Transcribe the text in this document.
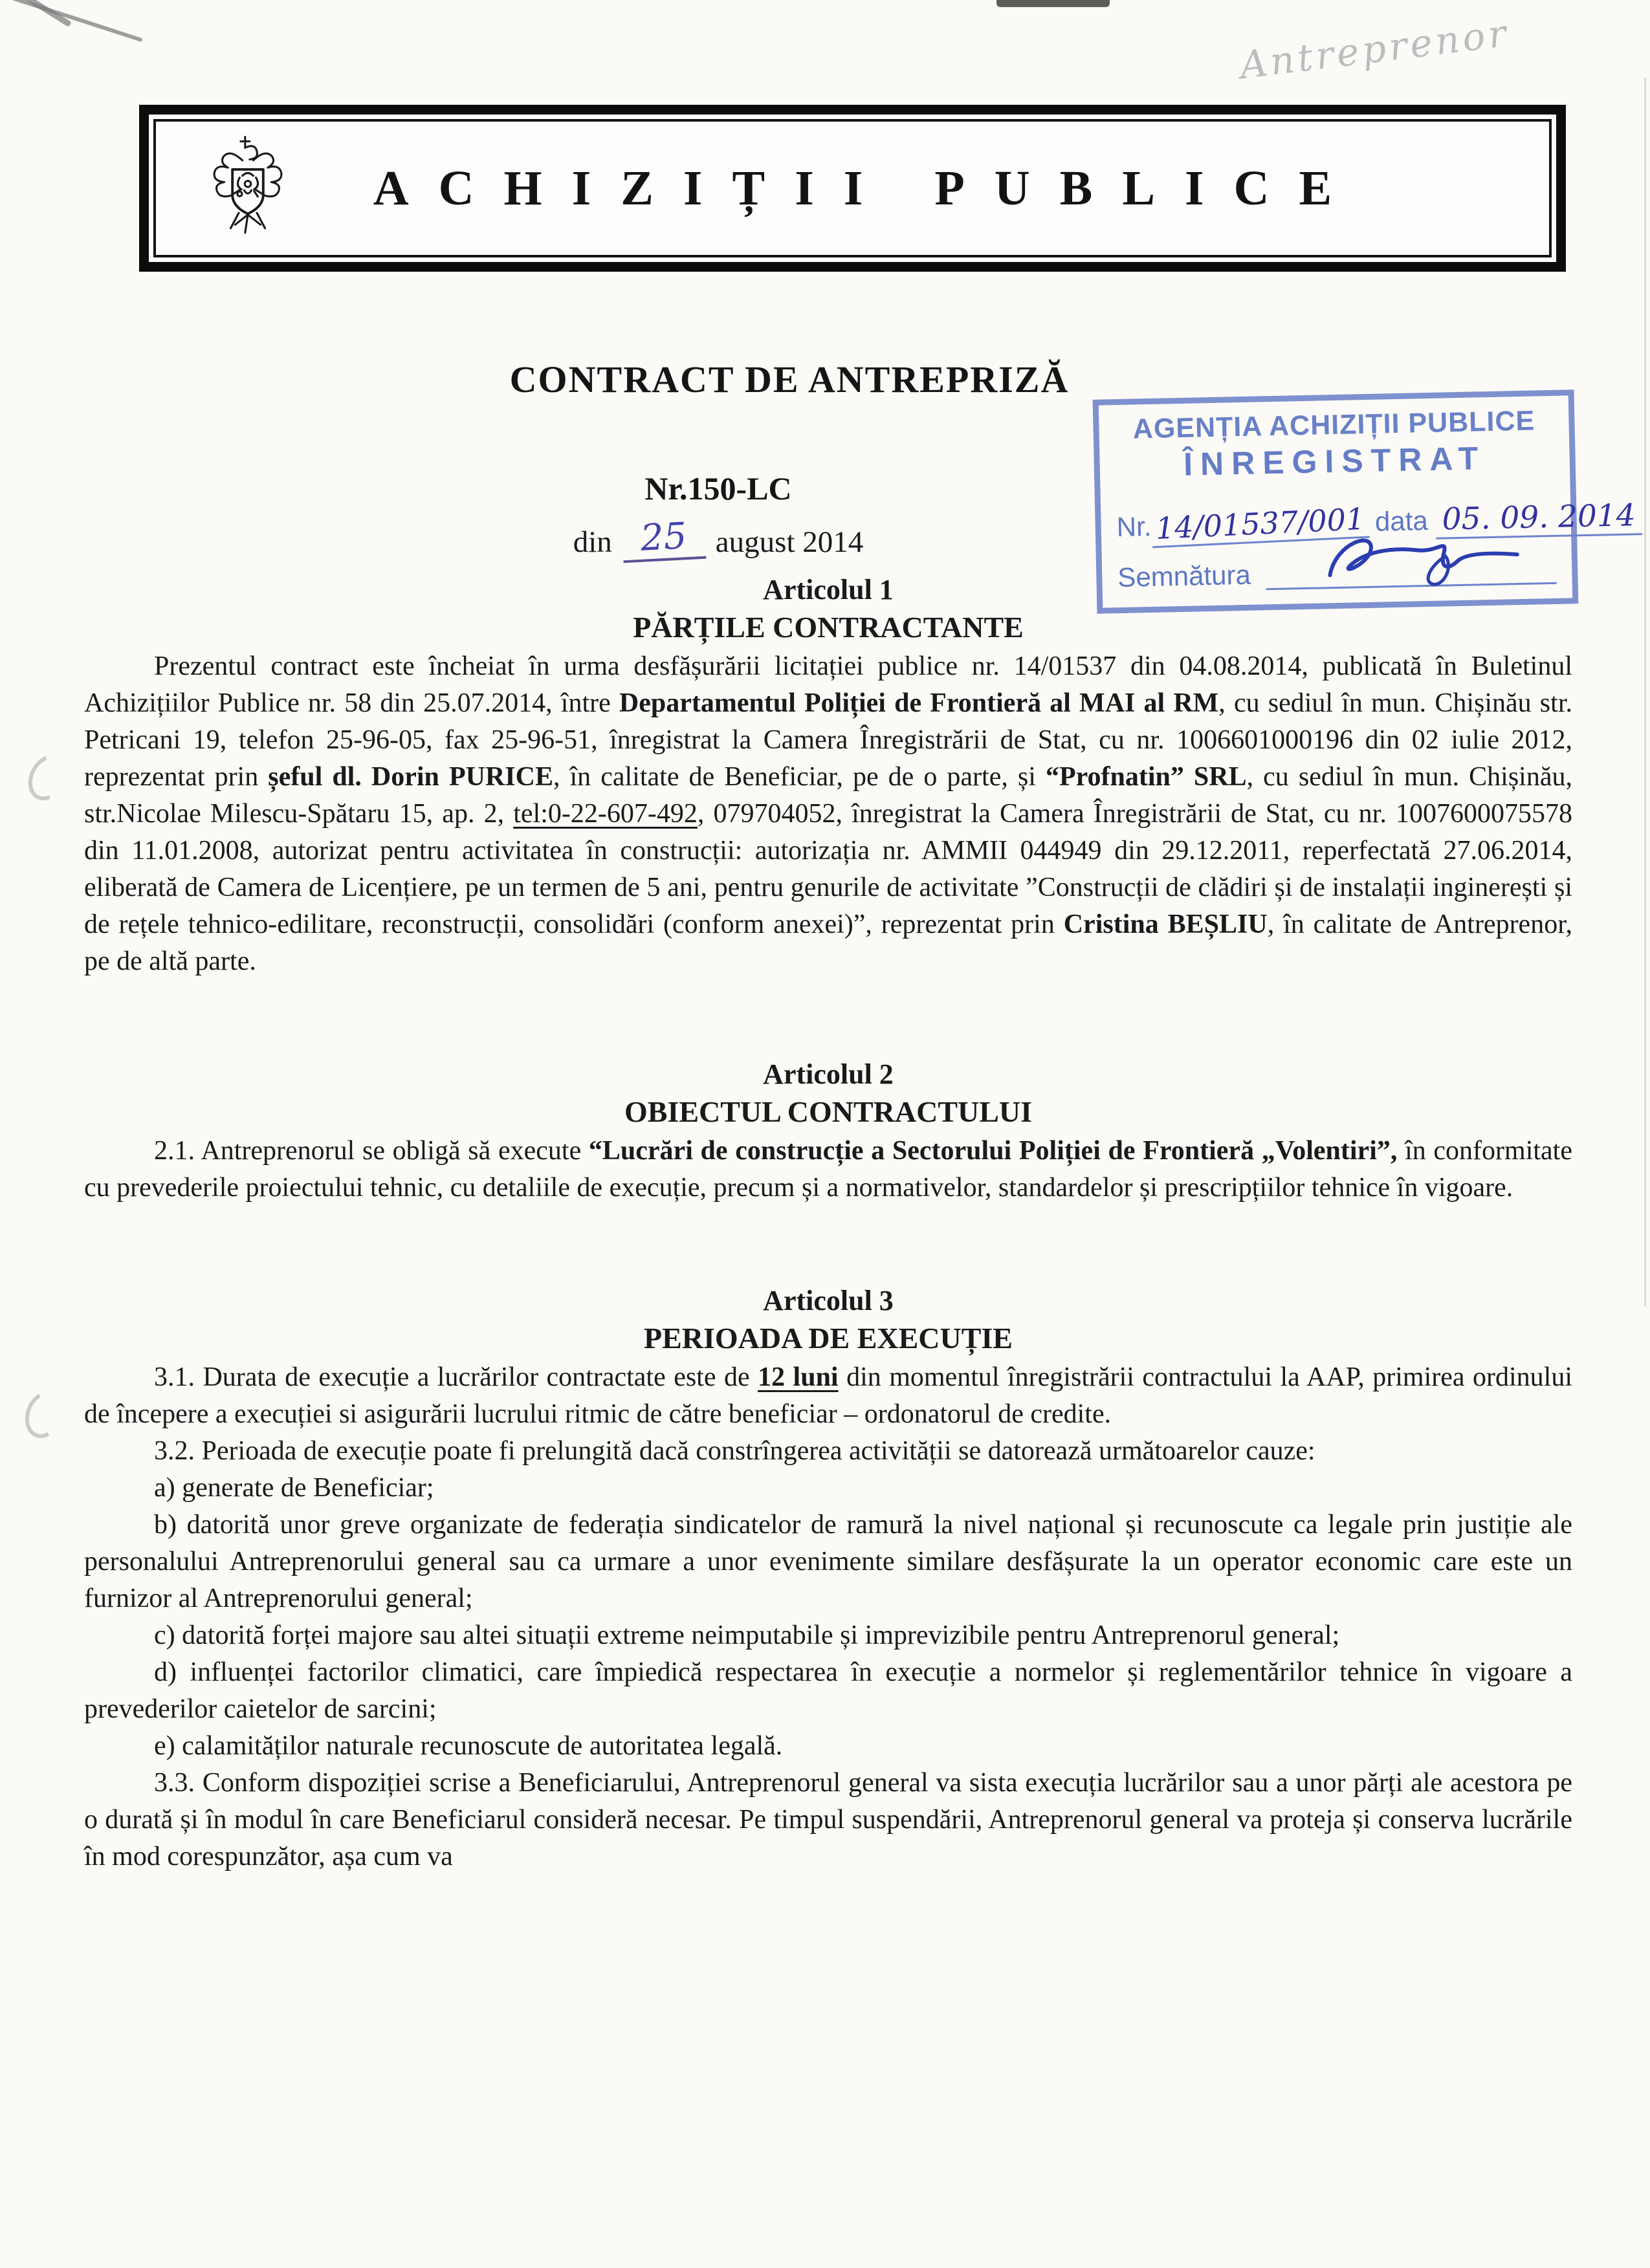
Antreprenor
ACHIZIȚII PUBLICE
CONTRACT DE ANTREPRIZĂ
Nr.150-LC
din 25 august 2014
AGENȚIA ACHIZIȚII PUBLICE
ÎNREGISTRAT
Nr. 14/01537/001 data 05. 09. 2014
Semnătura
Articolul 1
PĂRȚILE CONTRACTANTE

Prezentul contract este încheiat în urma desfășurării licitației publice nr. 14/01537 din 04.08.2014, publicată în Buletinul Achizițiilor Publice nr. 58 din 25.07.2014, între Departamentul Poliției de Frontieră al MAI al RM, cu sediul în mun. Chișinău str. Petricani 19, telefon 25-96-05, fax 25-96-51, înregistrat la Camera Înregistrării de Stat, cu nr. 1006601000196 din 02 iulie 2012, reprezentat prin șeful dl. Dorin PURICE, în calitate de Beneficiar, pe de o parte, și “Profnatin” SRL, cu sediul în mun. Chișinău, str.Nicolae Milescu-Spătaru 15, ap. 2, tel:0-22-607-492, 079704052, înregistrat la Camera Înregistrării de Stat, cu nr. 1007600075578 din 11.01.2008, autorizat pentru activitatea în construcții: autorizația nr. AMMII 044949 din 29.12.2011, reperfectată 27.06.2014, eliberată de Camera de Licențiere, pe un termen de 5 ani, pentru genurile de activitate ”Construcții de clădiri și de instalații inginerești și de rețele tehnico-edilitare, reconstrucții, consolidări (conform anexei)”, reprezentat prin Cristina BEȘLIU, în calitate de Antreprenor, pe de altă parte.

Articolul 2
OBIECTUL CONTRACTULUI

2.1. Antreprenorul se obligă să execute “Lucrări de construcție a Sectorului Poliției de Frontieră „Volentiri”, în conformitate cu prevederile proiectului tehnic, cu detaliile de execuție, precum și a normativelor, standardelor și prescripțiilor tehnice în vigoare.

Articolul 3
PERIOADA DE EXECUȚIE

3.1. Durata de execuție a lucrărilor contractate este de 12 luni din momentul înregistrării contractului la AAP, primirea ordinului de începere a execuției si asigurării lucrului ritmic de către beneficiar – ordonatorul de credite.

3.2. Perioada de execuție poate fi prelungită dacă constrîngerea activității se datorează următoarelor cauze:

a) generate de Beneficiar;

b) datorită unor greve organizate de federația sindicatelor de ramură la nivel național și recunoscute ca legale prin justiție ale personalului Antreprenorului general sau ca urmare a unor evenimente similare desfășurate la un operator economic care este un furnizor al Antreprenorului general;

c) datorită forței majore sau altei situații extreme neimputabile și imprevizibile pentru Antreprenorul general;

d) influenței factorilor climatici, care împiedică respectarea în execuție a normelor și reglementărilor tehnice în vigoare a prevederilor caietelor de sarcini;

e) calamităților naturale recunoscute de autoritatea legală.

3.3. Conform dispoziției scrise a Beneficiarului, Antreprenorul general va sista execuția lucrărilor sau a unor părți ale acestora pe o durată și în modul în care Beneficiarul consideră necesar. Pe timpul suspendării, Antreprenorul general va proteja și conserva lucrările în mod corespunzător, așa cum va
